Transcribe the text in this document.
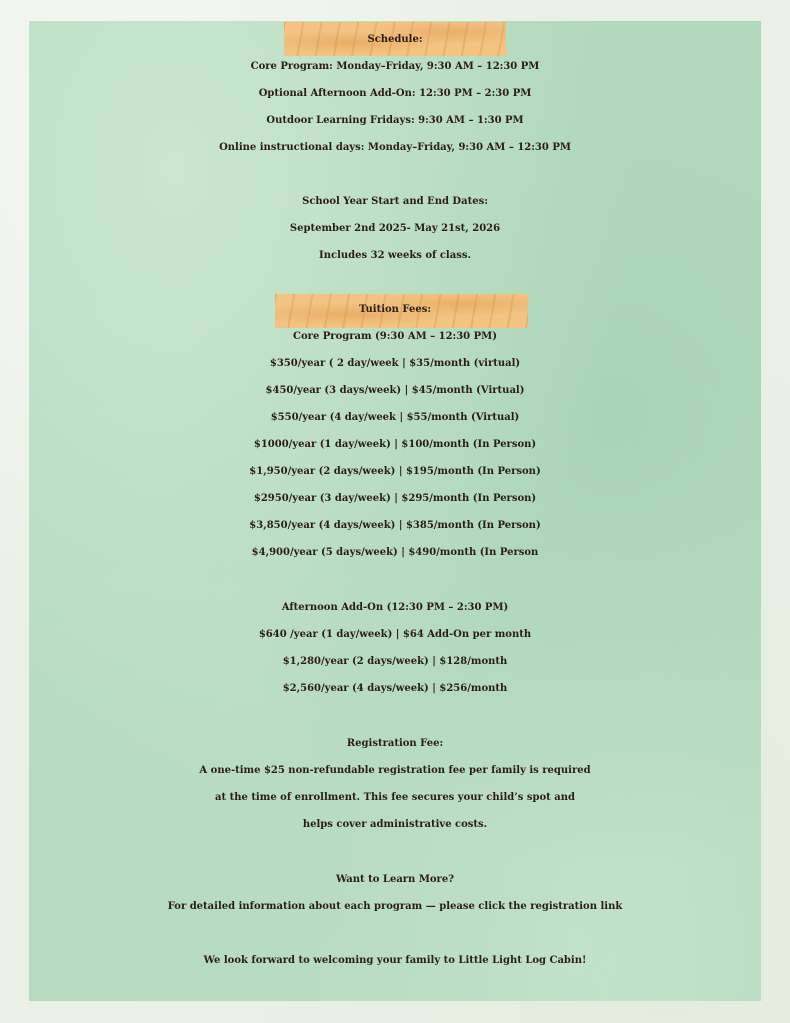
Schedule:
Core Program: Monday–Friday, 9:30 AM – 12:30 PM
Optional Afternoon Add-On: 12:30 PM – 2:30 PM
Outdoor Learning Fridays: 9:30 AM – 1:30 PM
Online instructional days: Monday–Friday, 9:30 AM – 12:30 PM
School Year Start and End Dates:
September 2nd 2025- May 21st, 2026
Includes 32 weeks of class.
Tuition Fees:
Core Program (9:30 AM – 12:30 PM)
$350/year ( 2 day/week | $35/month (virtual)
$450/year (3 days/week) | $45/month (Virtual)
$550/year (4 day/week | $55/month (Virtual)
$1000/year (1 day/week) | $100/month (In Person)
$1,950/year (2 days/week) | $195/month (In Person)
$2950/year (3 day/week) | $295/month (In Person)
$3,850/year (4 days/week) | $385/month (In Person)
$4,900/year (5 days/week) | $490/month (In Person
Afternoon Add-On (12:30 PM – 2:30 PM)
$640 /year (1 day/week) | $64 Add-On per month
$1,280/year (2 days/week) | $128/month
$2,560/year (4 days/week) | $256/month
Registration Fee:
A one-time $25 non-refundable registration fee per family is required
at the time of enrollment. This fee secures your child’s spot and
helps cover administrative costs.
Want to Learn More?
For detailed information about each program — please click the registration link
We look forward to welcoming your family to Little Light Log Cabin!
